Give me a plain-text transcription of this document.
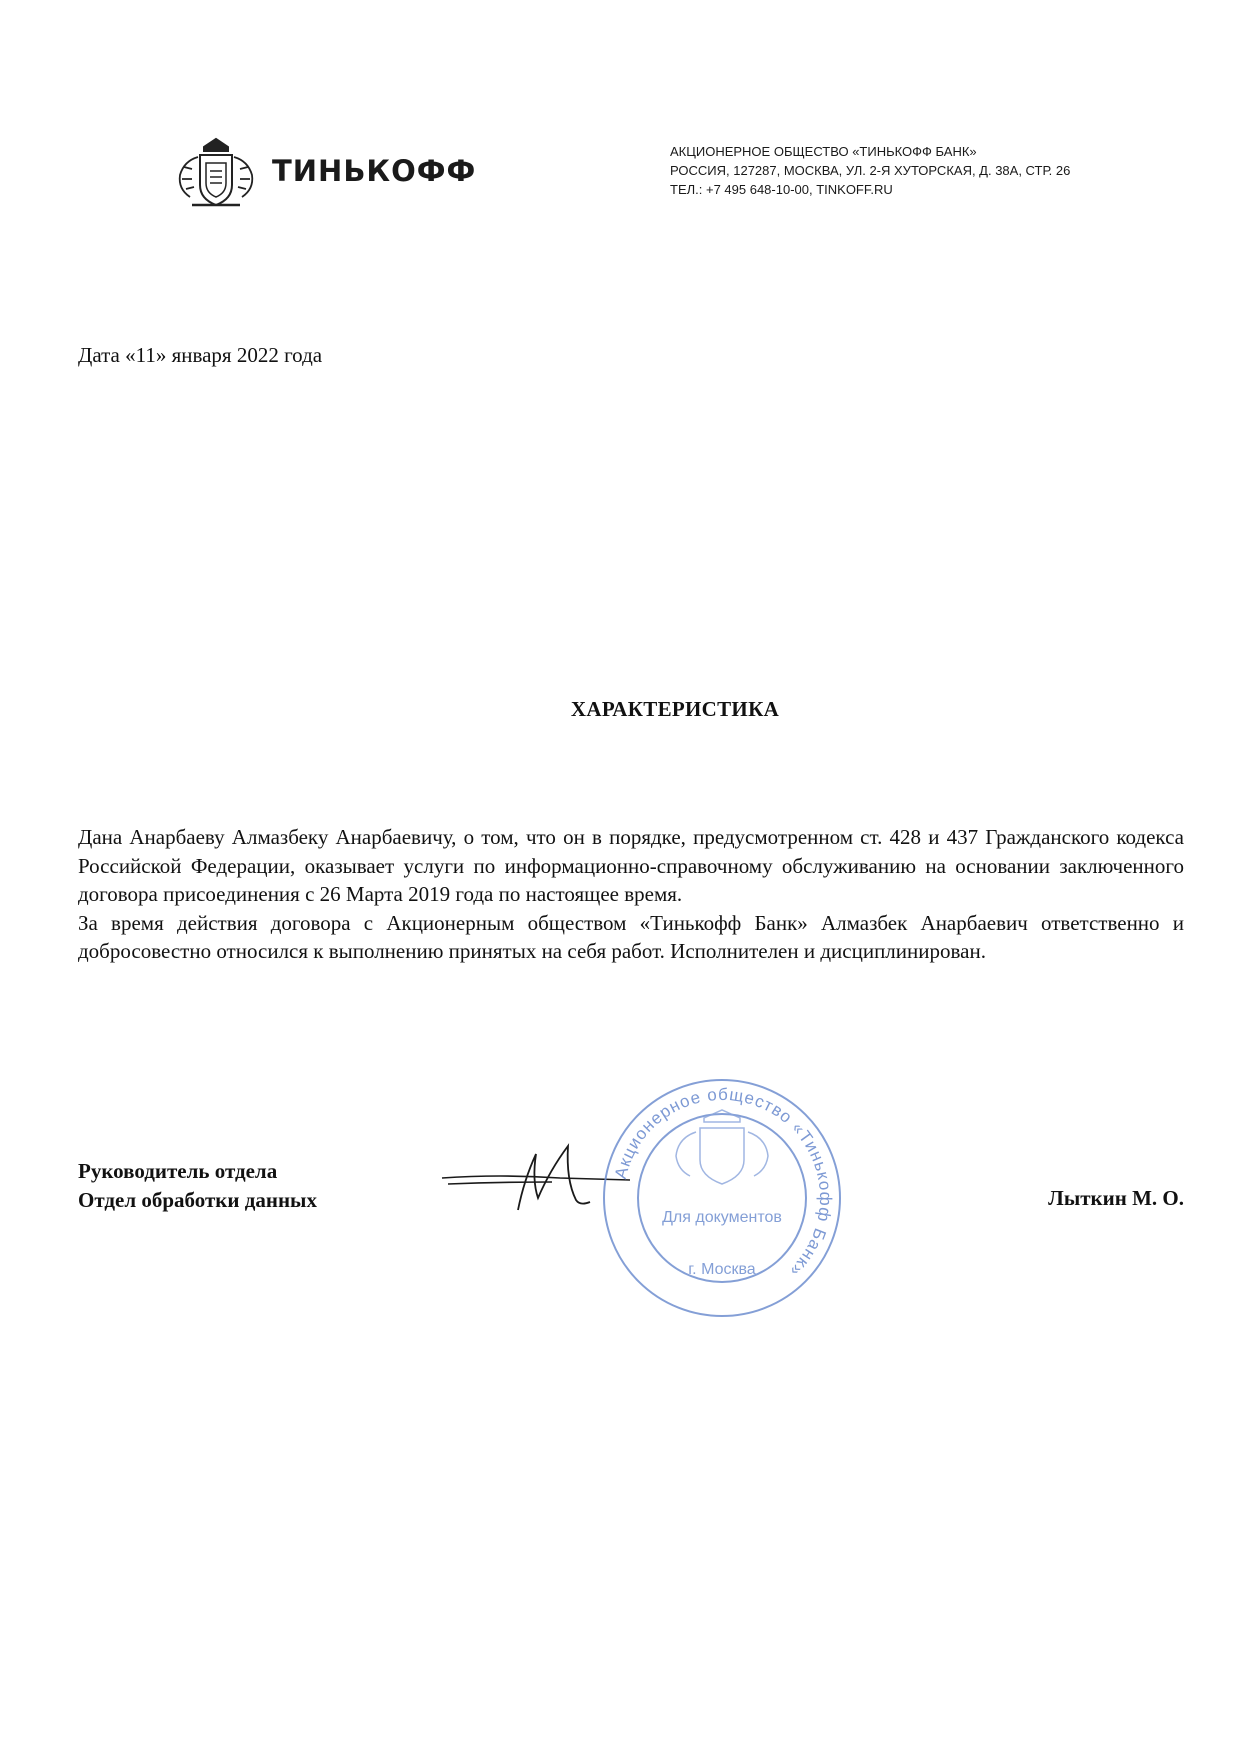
ТИНЬКОФФ
АКЦИОНЕРНОЕ ОБЩЕСТВО «ТИНЬКОФФ БАНК»
РОССИЯ, 127287, МОСКВА, УЛ. 2-Я ХУТОРСКАЯ, Д. 38А, СТР. 26
ТЕЛ.: +7 495 648-10-00, TINKOFF.RU
Дата «11» января 2022 года
ХАРАКТЕРИСТИКА

Дана Анарбаеву Алмазбеку Анарбаевичу, о том, что он в порядке, предусмотренном ст. 428 и 437 Гражданского кодекса Российской Федерации, оказывает услуги по информационно-справочному обслуживанию на основании заключенного договора присоединения с 26 Марта 2019 года по настоящее время.

За время действия договора с Акционерным обществом «Тинькофф Банк» Алмазбек Анарбаевич ответственно и добросовестно относился к выполнению принятых на себя работ. Исполнителен и дисциплинирован.

Руководитель отдела
Отдел обработки данных
Акционерное общество «Тинькофф Банк»
Для документов
г. Москва
Лыткин М. О.
